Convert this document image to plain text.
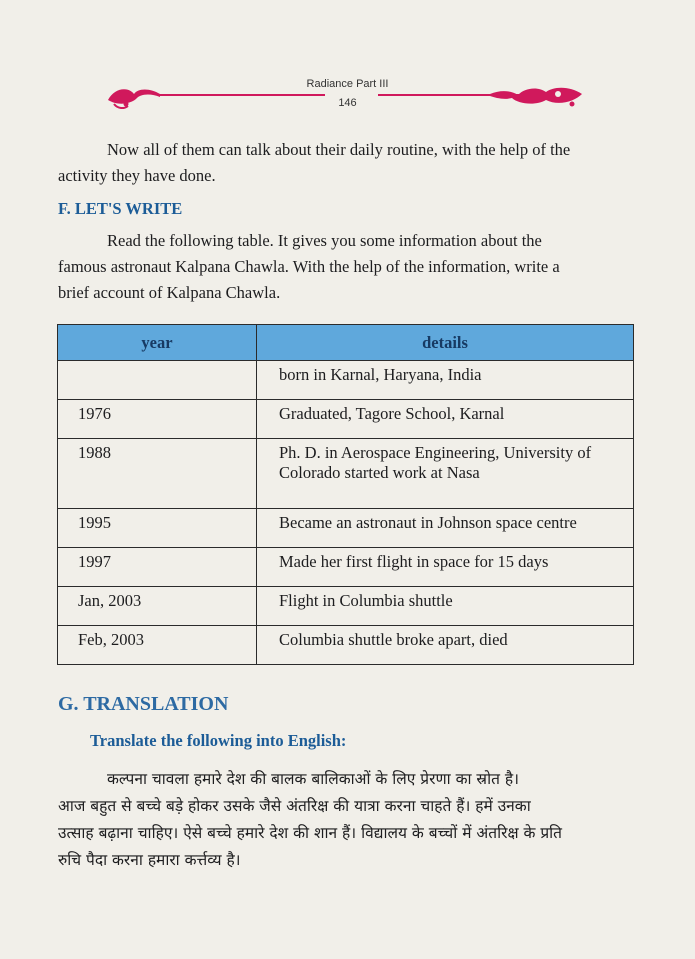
Radiance Part III
146
Now all of them can talk about their daily routine, with the help of the
activity they have done.
F. LET'S WRITE
Read the following table. It gives you some information about the
famous astronaut Kalpana Chawla. With the help of the information, write a
brief account of Kalpana Chawla.
year	details
	born in Karnal, Haryana, India
1976	Graduated, Tagore School, Karnal
1988	Ph. D. in Aerospace Engineering, University of
Colorado started work at Nasa

1995	Became an astronaut in Johnson space centre
1997	Made her first flight in space for 15 days
Jan, 2003	Flight in Columbia shuttle
Feb, 2003	Columbia shuttle broke apart, died
G. TRANSLATION
Translate the following into English:
कल्पना चावला हमारे देश की बालक बालिकाओं के लिए प्रेरणा का स्रोत है।
आज बहुत से बच्चे बड़े होकर उसके जैसे अंतरिक्ष की यात्रा करना चाहते हैं। हमें उनका
उत्साह बढ़ाना चाहिए। ऐसे बच्चे हमारे देश की शान हैं। विद्यालय के बच्चों में अंतरिक्ष के प्रति
रुचि पैदा करना हमारा कर्त्तव्य है।
